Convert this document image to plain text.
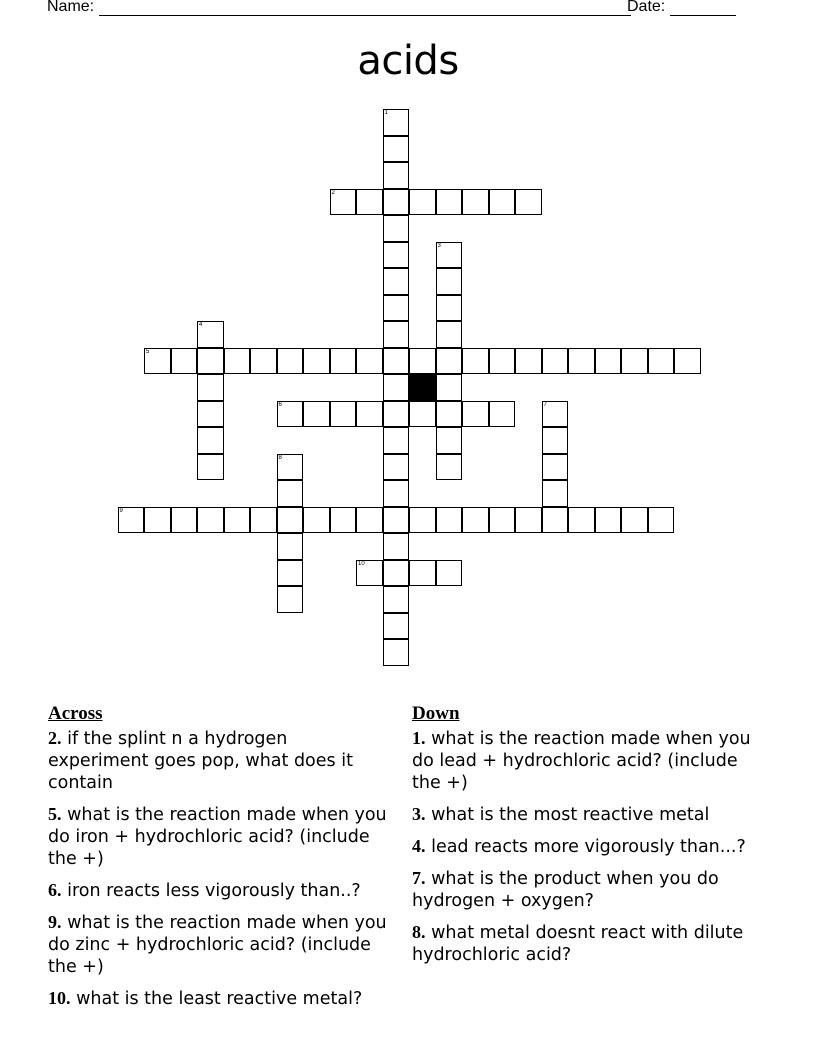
Name:	Date:
acids
1
2
3
4
5
6	7
8
9
10
Across
2. if the splint n a hydrogen experiment goes pop, what does it contain
5. what is the reaction made when you do iron + hydrochloric acid? (include the +)
6. iron reacts less vigorously than..?
9. what is the reaction made when you do zinc + hydrochloric acid? (include the +)
10. what is the least reactive metal?
Down
1. what is the reaction made when you do lead + hydrochloric acid? (include the +)
3. what is the most reactive metal
4. lead reacts more vigorously than...?
7. what is the product when you do hydrogen + oxygen?
8. what metal doesnt react with dilute hydrochloric acid?
